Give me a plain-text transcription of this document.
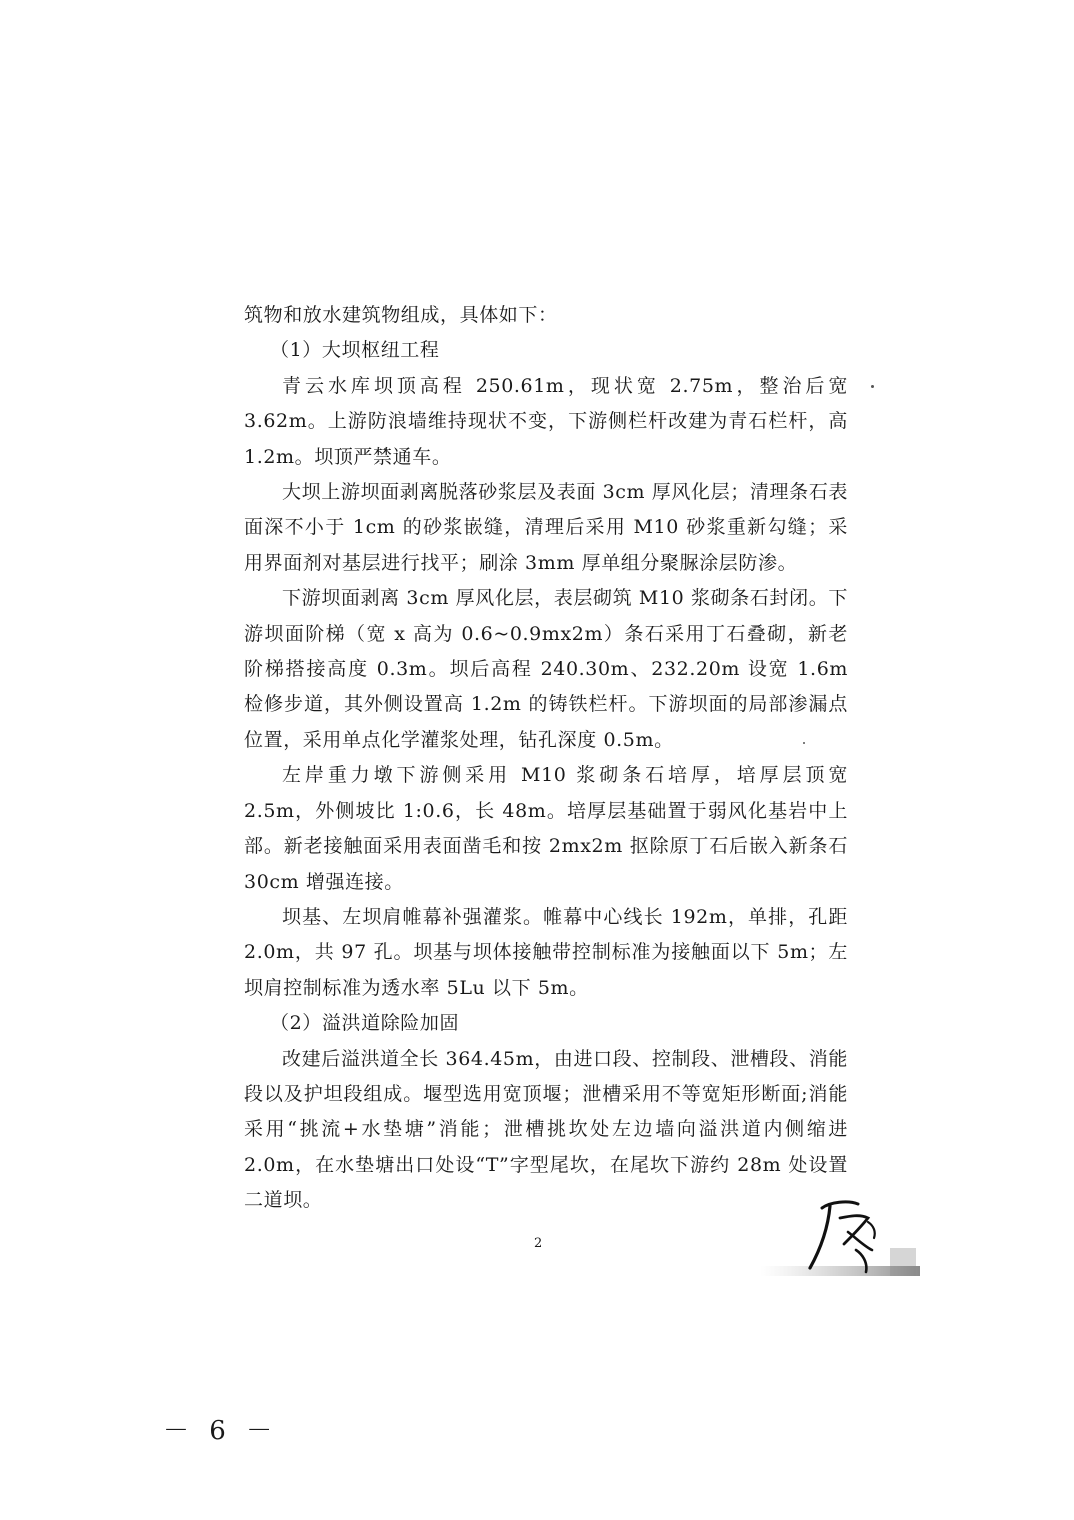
筑物和放水建筑物组成，具体如下：

（1）大坝枢纽工程

青云水库坝顶高程 250.61m，现状宽 2.75m，整治后宽 3.62m。上游防浪墙维持现状不变，下游侧栏杆改建为青石栏杆，高 1.2m。坝顶严禁通车。

大坝上游坝面剥离脱落砂浆层及表面 3cm 厚风化层；清理条石表面深不小于 1cm 的砂浆嵌缝，清理后采用 M10 砂浆重新勾缝；采用界面剂对基层进行找平；刷涂 3mm 厚单组分聚脲涂层防渗。

下游坝面剥离 3cm 厚风化层，表层砌筑 M10 浆砌条石封闭。下游坝面阶梯（宽 x 高为 0.6~0.9mx2m）条石采用丁石叠砌，新老阶梯搭接高度 0.3m。坝后高程 240.30m、232.20m 设宽 1.6m 检修步道，其外侧设置高 1.2m 的铸铁栏杆。下游坝面的局部渗漏点位置，采用单点化学灌浆处理，钻孔深度 0.5m。

左岸重力墩下游侧采用 M10 浆砌条石培厚，培厚层顶宽 2.5m，外侧坡比 1:0.6，长 48m。培厚层基础置于弱风化基岩中上部。新老接触面采用表面凿毛和按 2mx2m 抠除原丁石后嵌入新条石 30cm 增强连接。

坝基、左坝肩帷幕补强灌浆。帷幕中心线长 192m，单排，孔距 2.0m，共 97 孔。坝基与坝体接触带控制标准为接触面以下 5m；左坝肩控制标准为透水率 5Lu 以下 5m。

（2）溢洪道除险加固

改建后溢洪道全长 364.45m，由进口段、控制段、泄槽段、消能段以及护坦段组成。堰型选用宽顶堰；泄槽采用不等宽矩形断面;消能采用“挑流+水垫塘”消能；泄槽挑坎处左边墙向溢洪道内侧缩进 2.0m，在水垫塘出口处设“T”字型尾坎，在尾坎下游约 28m 处设置二道坝。

2
－ 6 －
